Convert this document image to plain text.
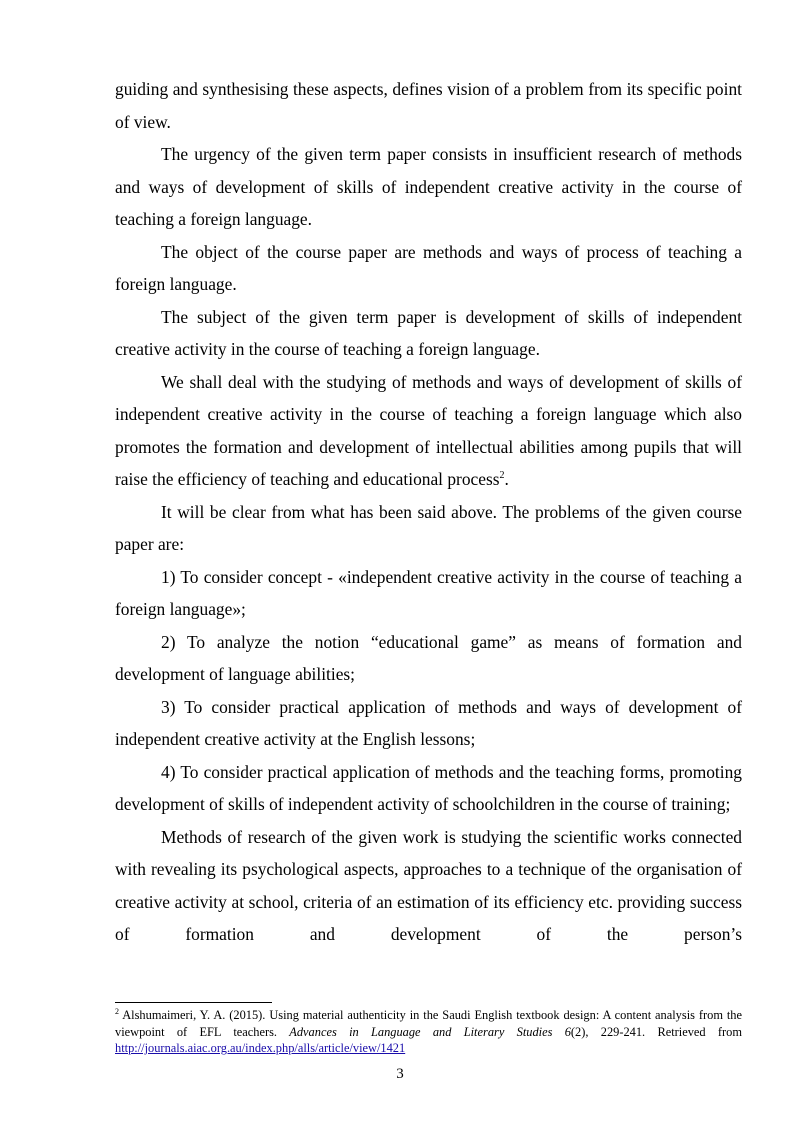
guiding and synthesising these aspects, defines vision of a problem from its specific point of view.

The urgency of the given term paper consists in insufficient research of methods and ways of development of skills of independent creative activity in the course of teaching a foreign language.

The object of the course paper are methods and ways of process of teaching a foreign language.

The subject of the given term paper is development of skills of independent creative activity in the course of teaching a foreign language.

We shall deal with the studying of methods and ways of development of skills of independent creative activity in the course of teaching a foreign language which also promotes the formation and development of intellectual abilities among pupils that will raise the efficiency of teaching and educational process$^2$.

It will be clear from what has been said above. The problems of the given course paper are:

1) To consider concept - «independent creative activity in the course of teaching a foreign language»;

2) To analyze the notion “educational game” as means of formation and development of language abilities;

3) To consider practical application of methods and ways of development of independent creative activity at the English lessons;

4) To consider practical application of methods and the teaching forms, promoting development of skills of independent activity of schoolchildren in the course of training;

Methods of research of the given work is studying the scientific works connected with revealing its psychological aspects, approaches to a technique of the organisation of creative activity at school, criteria of an estimation of its efficiency etc. providing success of formation and development of the person’s

$^2$ Alshumaimeri, Y. A. (2015). Using material authenticity in the Saudi English textbook design: A content analysis from the viewpoint of EFL teachers. Advances in Language and Literary Studies 6(2), 229-241. Retrieved from http://journals.aiac.org.au/index.php/alls/article/view/1421
3
